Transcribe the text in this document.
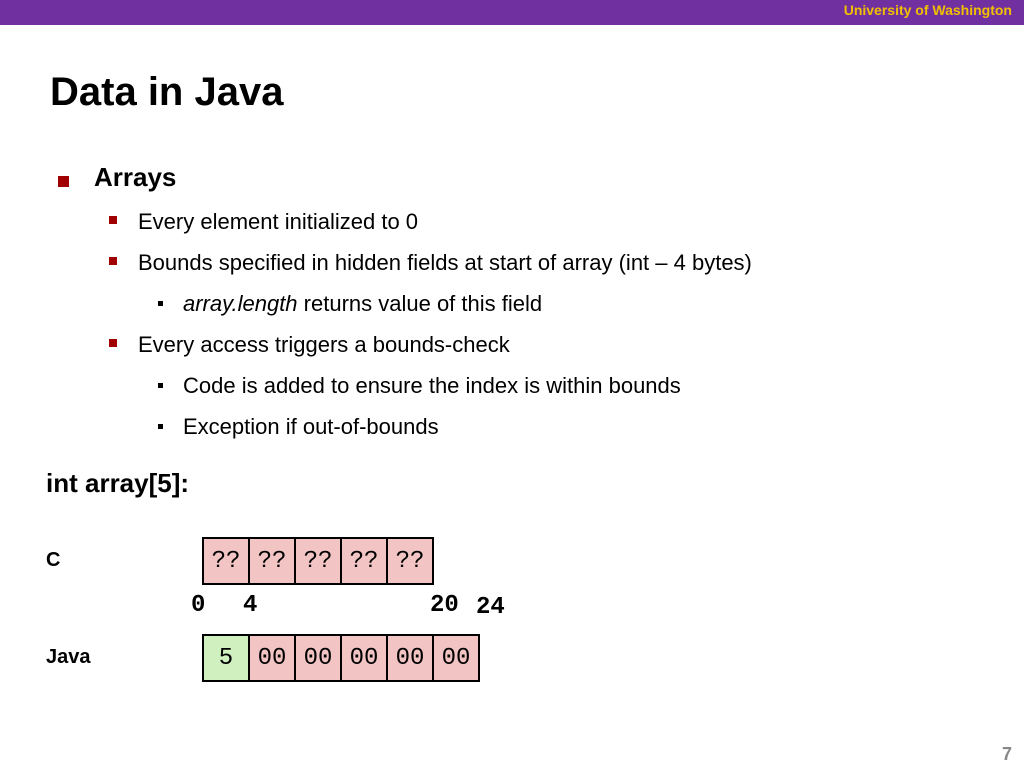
University of Washington
Data in Java
Arrays
Every element initialized to 0
Bounds specified in hidden fields at start of array (int – 4 bytes)
array.length returns value of this field
Every access triggers a bounds-check
Code is added to ensure the index is within bounds
Exception if out-of-bounds
int array[5]:
C	?? ?? ?? ?? ??
0 4	20 24
Java	5	00 00 00 00 00
7
